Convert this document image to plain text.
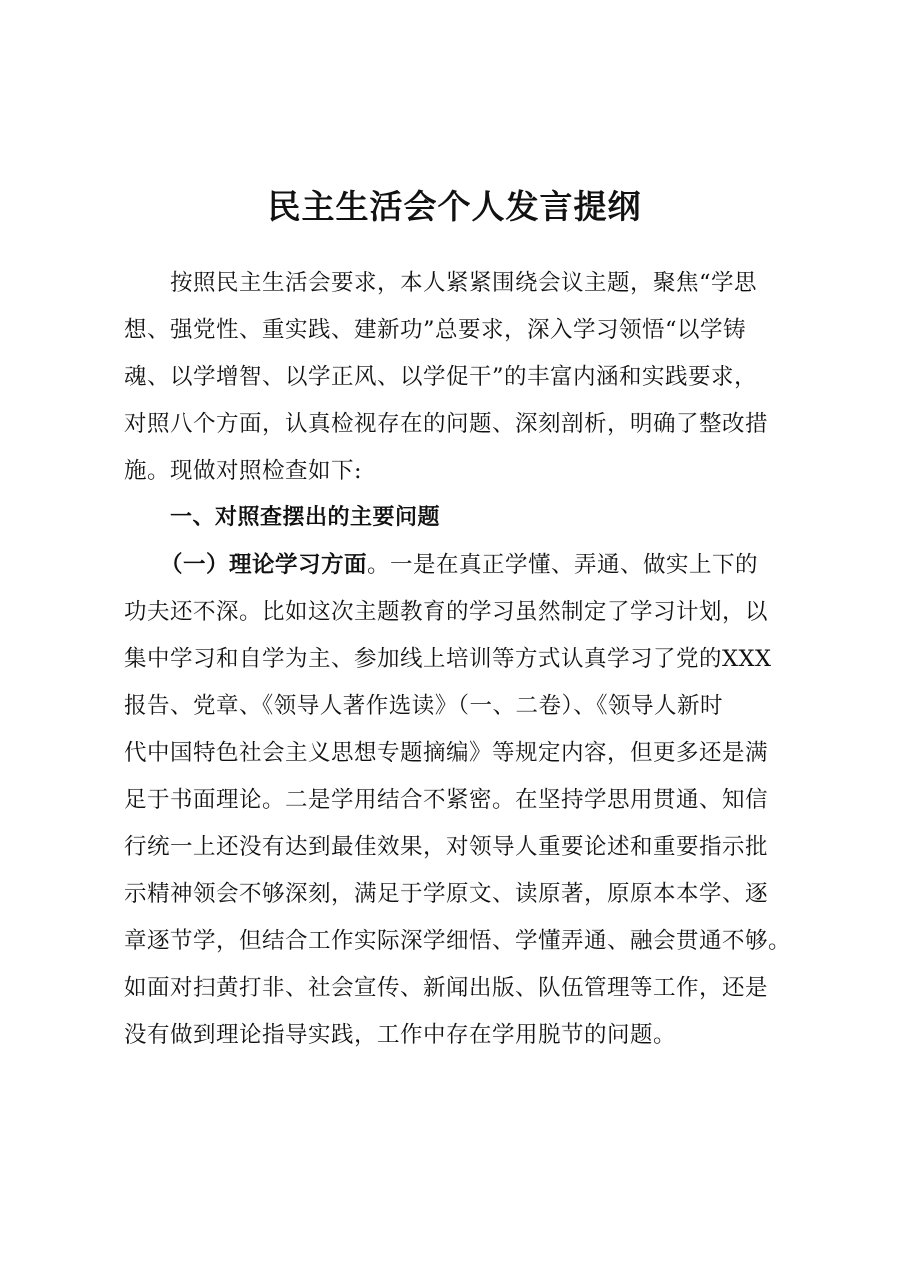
民主生活会个人发言提纲
按照民主生活会要求，本人紧紧围绕会议主题，聚焦“学思
想、强党性、重实践、建新功”总要求，深入学习领悟“以学铸
魂、以学增智、以学正风、以学促干”的丰富内涵和实践要求，
对照八个方面，认真检视存在的问题、深刻剖析，明确了整改措
施。现做对照检查如下:
一、对照查摆出的主要问题
（一）理论学习方面。一是在真正学懂、弄通、做实上下的
功夫还不深。比如这次主题教育的学习虽然制定了学习计划，以
集中学习和自学为主、参加线上培训等方式认真学习了党的XXX
报告、党章、《领导人著作选读》（一、二卷）、《领导人新时
代中国特色社会主义思想专题摘编》等规定内容，但更多还是满
足于书面理论。二是学用结合不紧密。在坚持学思用贯通、知信
行统一上还没有达到最佳效果，对领导人重要论述和重要指示批
示精神领会不够深刻，满足于学原文、读原著，原原本本学、逐
章逐节学，但结合工作实际深学细悟、学懂弄通、融会贯通不够。
如面对扫黄打非、社会宣传、新闻出版、队伍管理等工作，还是
没有做到理论指导实践，工作中存在学用脱节的问题。
